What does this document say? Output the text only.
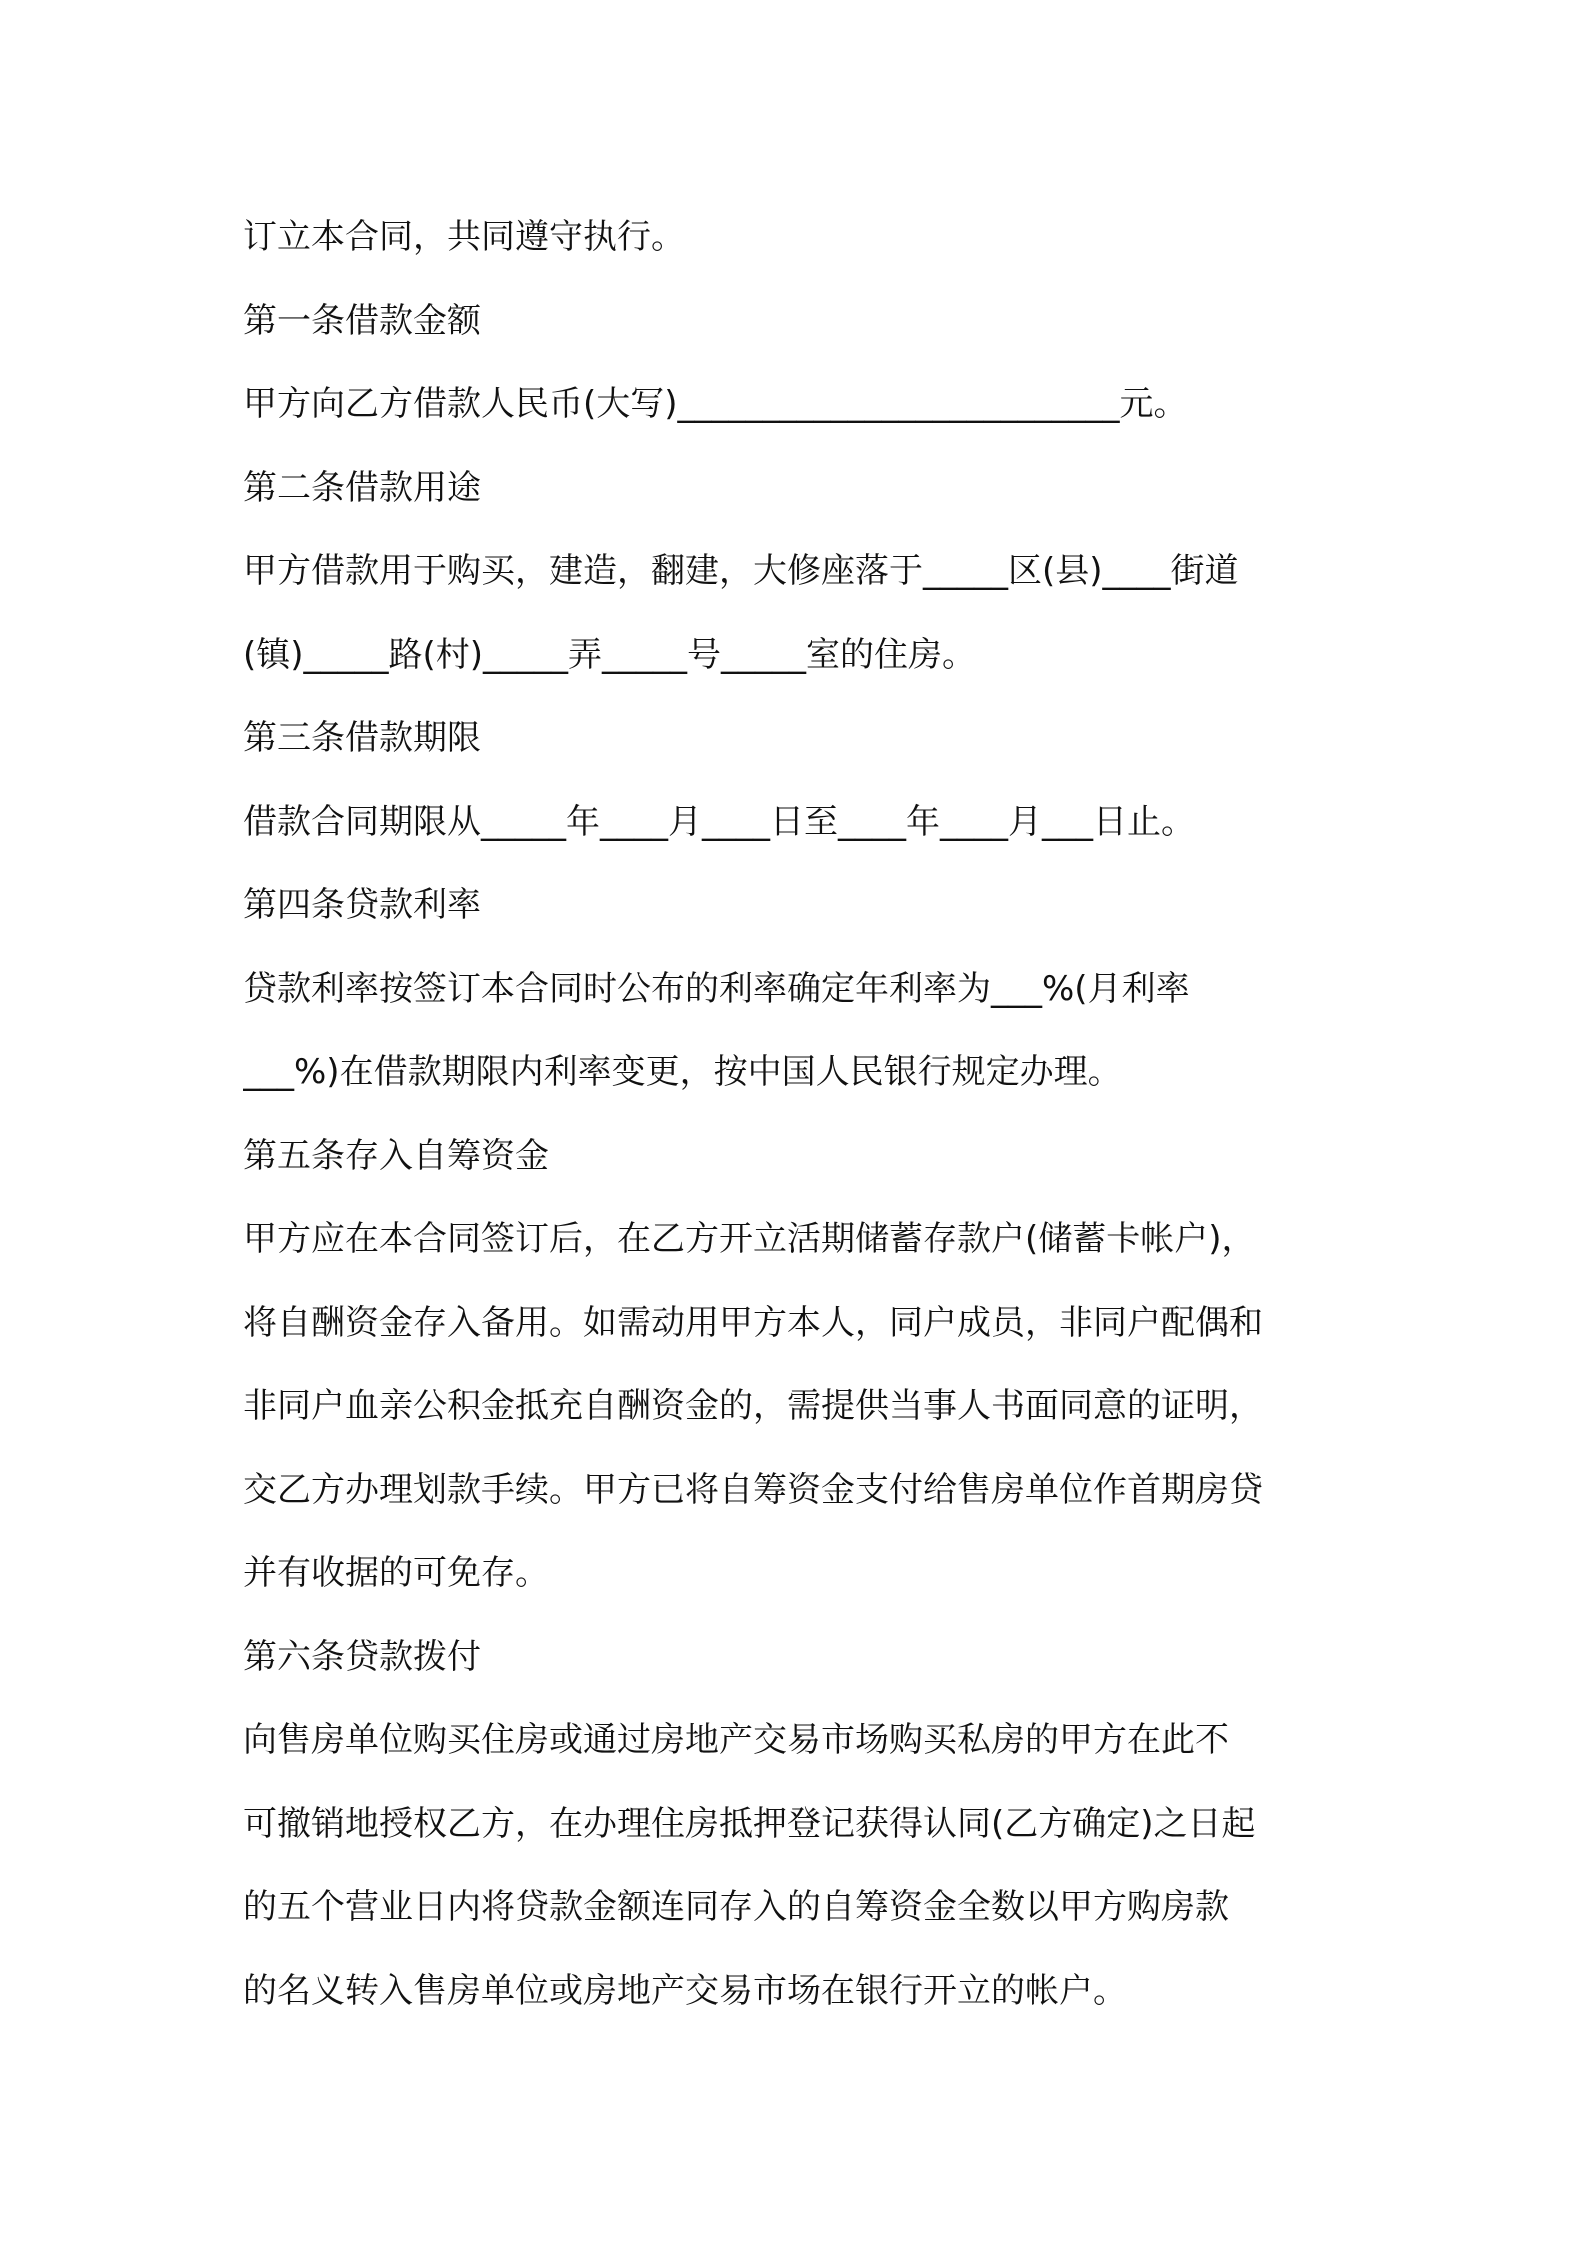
订立本合同，共同遵守执行。
第一条借款金额
甲方向乙方借款人民币(大写)__________________________元。
第二条借款用途
甲方借款用于购买，建造，翻建，大修座落于_____区(县)____街道
(镇)_____路(村)_____弄_____号_____室的住房。
第三条借款期限
借款合同期限从_____年____月____日至____年____月___日止。
第四条贷款利率
贷款利率按签订本合同时公布的利率确定年利率为___%(月利率
___%)在借款期限内利率变更，按中国人民银行规定办理。
第五条存入自筹资金
甲方应在本合同签订后，在乙方开立活期储蓄存款户(储蓄卡帐户)，
将自酬资金存入备用。如需动用甲方本人，同户成员，非同户配偶和
非同户血亲公积金抵充自酬资金的，需提供当事人书面同意的证明，
交乙方办理划款手续。甲方已将自筹资金支付给售房单位作首期房贷
并有收据的可免存。
第六条贷款拨付
向售房单位购买住房或通过房地产交易市场购买私房的甲方在此不
可撤销地授权乙方，在办理住房抵押登记获得认同(乙方确定)之日起
的五个营业日内将贷款金额连同存入的自筹资金全数以甲方购房款
的名义转入售房单位或房地产交易市场在银行开立的帐户。
